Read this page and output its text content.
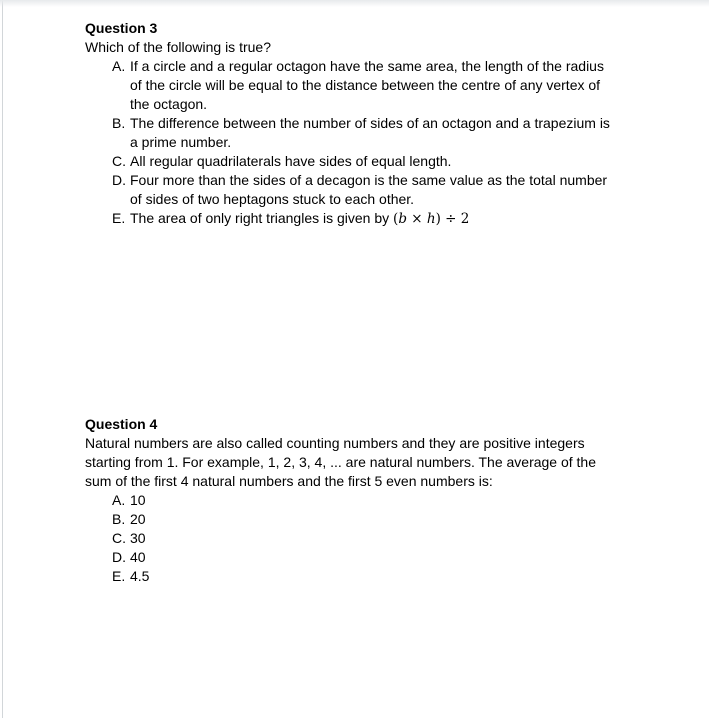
Question 3
Which of the following is true?
A. If a circle and a regular octagon have the same area, the length of the radius
of the circle will be equal to the distance between the centre of any vertex of
the octagon.
B. The difference between the number of sides of an octagon and a trapezium is
a prime number.
C. All regular quadrilaterals have sides of equal length.
D. Four more than the sides of a decagon is the same value as the total number
of sides of two heptagons stuck to each other.
E. The area of only right triangles is given by (b × h) ÷ 2
Question 4
Natural numbers are also called counting numbers and they are positive integers
starting from 1. For example, 1, 2, 3, 4, ... are natural numbers. The average of the
sum of the first 4 natural numbers and the first 5 even numbers is:
A. 10
B. 20
C. 30
D. 40
E. 4.5
